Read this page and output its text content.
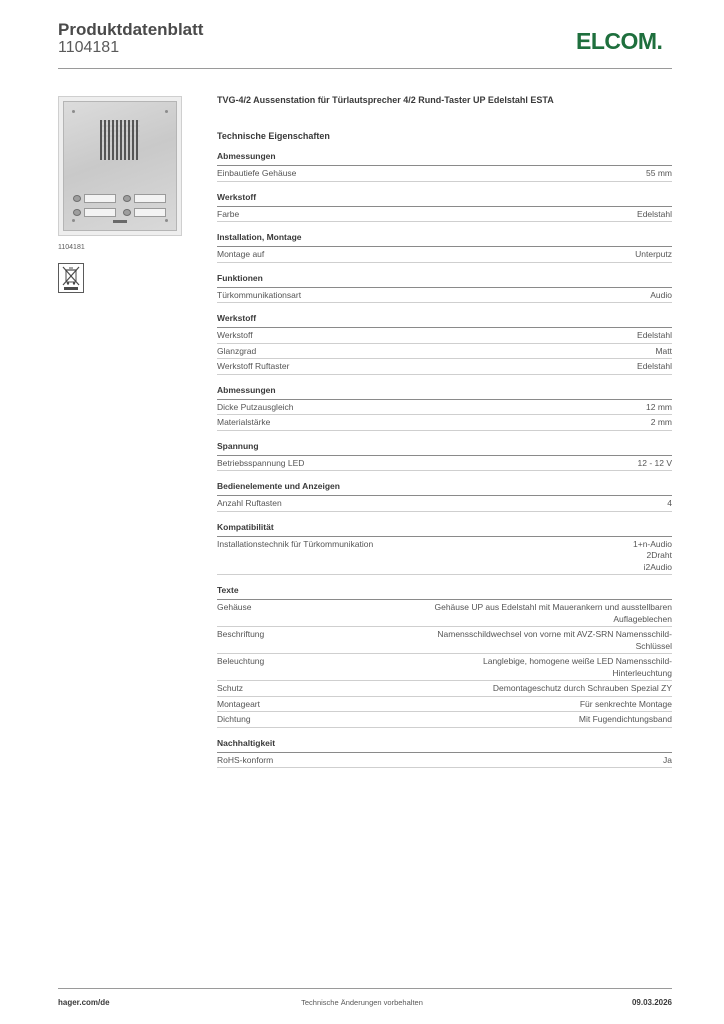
Produktdatenblatt
1104181	ELCOM.
1104181
TVG-4/2 Aussenstation für Türlautsprecher 4/2 Rund-Taster UP Edelstahl ESTA
Technische Eigenschaften
Abmessungen
Einbautiefe Gehäuse	55 mm
Werkstoff
Farbe	Edelstahl
Installation, Montage
Montage auf	Unterputz
Funktionen
Türkommunikationsart	Audio
Werkstoff
Werkstoff	Edelstahl
Glanzgrad	Matt
Werkstoff Ruftaster	Edelstahl
Abmessungen
Dicke Putzausgleich	12 mm
Materialstärke	2 mm
Spannung
Betriebsspannung LED	12 - 12 V
Bedienelemente und Anzeigen
Anzahl Ruftasten	4
Kompatibilität
Installationstechnik für Türkommunikation	1+n-Audio
2Draht
i2Audio
Texte
Gehäuse	Gehäuse UP aus Edelstahl mit Mauerankern und ausstellbaren
Auflageblechen
Beschriftung	Namensschildwechsel von vorne mit AVZ-SRN Namensschild-
Schlüssel
Beleuchtung	Langlebige, homogene weiße LED Namensschild-
Hinterleuchtung
Schutz	Demontageschutz durch Schrauben Spezial ZY
Montageart	Für senkrechte Montage
Dichtung	Mit Fugendichtungsband
Nachhaltigkeit
RoHS-konform	Ja
hager.com/de	Technische Änderungen vorbehalten	09.03.2026
